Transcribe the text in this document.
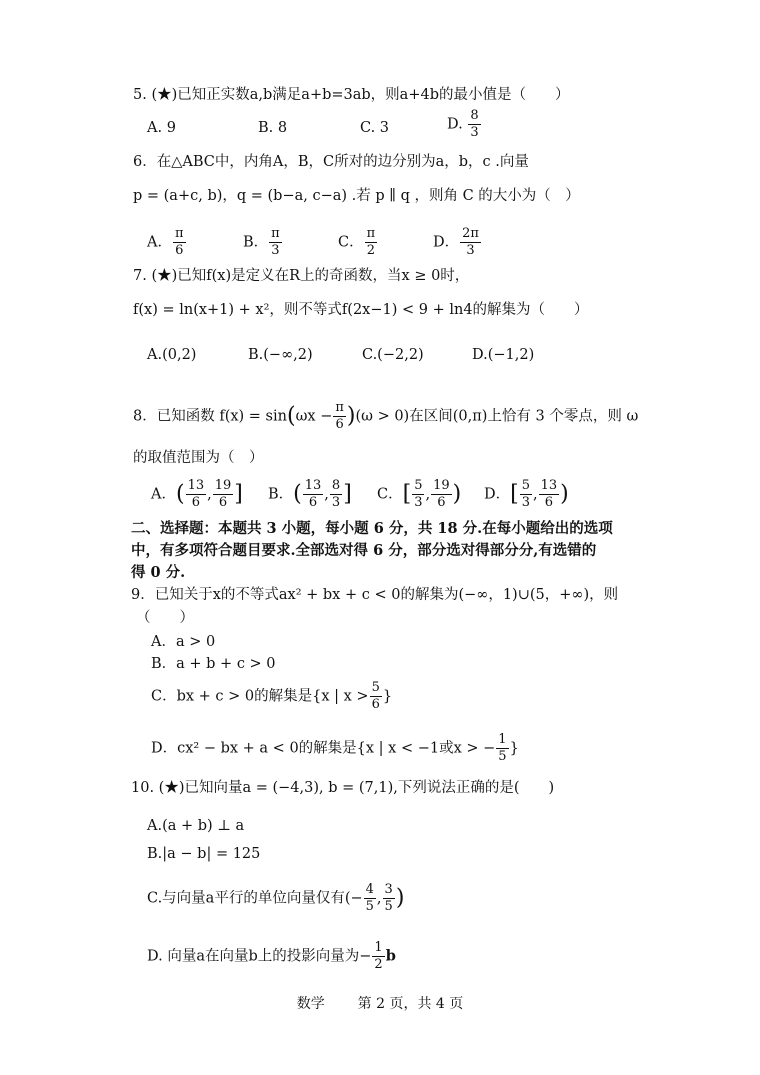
5. (★)已知正实数a,b满足a+b=3ab，则a+4b的最小值是（　　）
A. 9	B. 8	C. 3	D. $\frac{8}{3}$
6．在△ABC中，内角A，B，C所对的边分别为a，b，c .向量
p = (a+c, b)，q = (b−a, c−a) .若 p ∥ q ，则角 C 的大小为（　）
A． $\frac{\pi}{6}$	B． $\frac{\pi}{3}$	C． $\frac{\pi}{2}$	D． $\frac{2\pi}{3}$
7. (★)已知f(x)是定义在R上的奇函数，当x ≥ 0时，
f(x) = ln(x+1) + x²，则不等式f(2x−1) < 9 + ln4的解集为（　　）
A.(0,2)	B.(−∞,2)	C.(−2,2)	D.(−1,2)
8．已知函数 $f(x) = \sin(\omega x - \frac{\pi}{6} )(\omega > 0)$在区间(0,π)上恰有 3 个零点，则 ω
的取值范围为（　）
A．( $\frac{13}{6}$ , $\frac{19}{6}$ ] B．( $\frac{13}{6}$ , $\frac{8}{3}$ ] C．[ $\frac{5}{3}$ , $\frac{19}{6}$ ) D．[ $\frac{5}{3}$ , $\frac{13}{6}$ )
二、选择题：本题共 3 小题，每小题 6 分，共 18 分.在每小题给出的选项
中，有多项符合题目要求.全部选对得 6 分，部分选对得部分分,有选错的
得 0 分.
9．已知关于x的不等式ax² + bx + c < 0的解集为(−∞，1)∪(5，+∞)，则
（　　）
A．a > 0
B．a + b + c > 0
C．bx + c > 0的解集是{x | $x > \frac{5}{6}$ }
D．cx² − bx + a < 0的解集是{x | x < −1或x > − $\frac{1}{5}$ }
10. (★)已知向量a = (−4,3), b = (7,1),下列说法正确的是(　　)
A.(a + b) ⊥ a
B.|a − b| = 125
C.与向量a平行的单位向量仅有(− $\frac{4}{5}$ , $\frac{3}{5}$ )
D. 向量a在向量b上的投影向量为− $\frac{1}{2}$ b
数学 第 2 页，共 4 页
